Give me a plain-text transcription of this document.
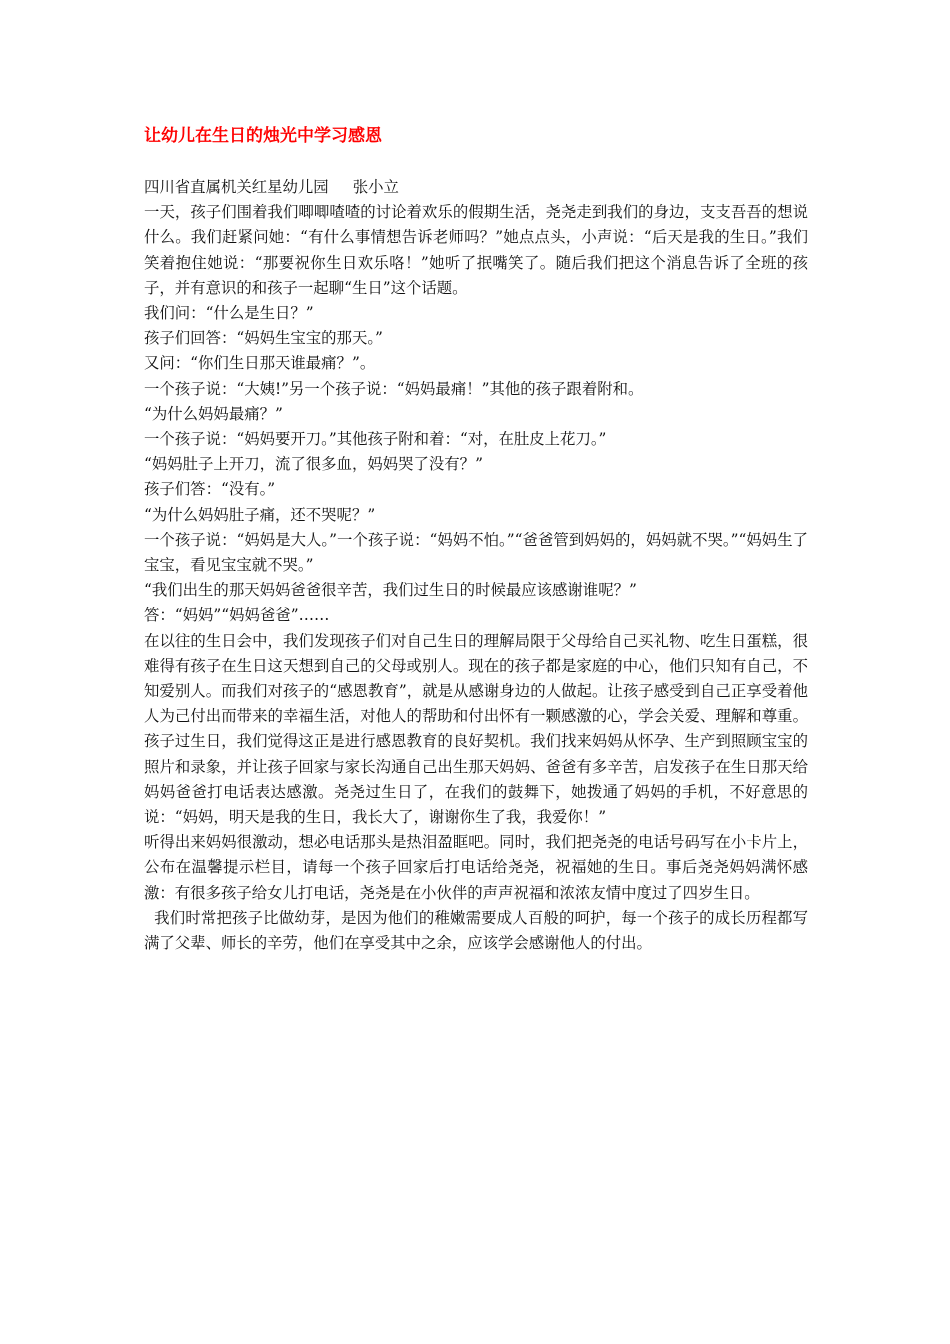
让幼儿在生日的烛光中学习感恩

四川省直属机关红星幼儿园 张小立

一天，孩子们围着我们唧唧喳喳的讨论着欢乐的假期生活，尧尧走到我们的身边，支支吾吾的想说什么。我们赶紧问她：“有什么事情想告诉老师吗？”她点点头，小声说：“后天是我的生日。”我们笑着抱住她说：“那要祝你生日欢乐咯！”她听了抿嘴笑了。随后我们把这个消息告诉了全班的孩子，并有意识的和孩子一起聊“生日”这个话题。

我们问：“什么是生日？”

孩子们回答：“妈妈生宝宝的那天。”

又问：“你们生日那天谁最痛？”。

一个孩子说：“大姨!”另一个孩子说：“妈妈最痛！”其他的孩子跟着附和。

“为什么妈妈最痛？”

一个孩子说：“妈妈要开刀。”其他孩子附和着：“对，在肚皮上花刀。”

“妈妈肚子上开刀，流了很多血，妈妈哭了没有？”

孩子们答：“没有。”

“为什么妈妈肚子痛，还不哭呢？”

一个孩子说：“妈妈是大人。”一个孩子说：“妈妈不怕。”“爸爸管到妈妈的，妈妈就不哭。”“妈妈生了宝宝，看见宝宝就不哭。”

“我们出生的那天妈妈爸爸很辛苦，我们过生日的时候最应该感谢谁呢？”

答：“妈妈”“妈妈爸爸”……

在以往的生日会中，我们发现孩子们对自己生日的理解局限于父母给自己买礼物、吃生日蛋糕，很难得有孩子在生日这天想到自己的父母或别人。现在的孩子都是家庭的中心，他们只知有自己，不知爱别人。而我们对孩子的“感恩教育”，就是从感谢身边的人做起。让孩子感受到自己正享受着他人为己付出而带来的幸福生活，对他人的帮助和付出怀有一颗感激的心，学会关爱、理解和尊重。孩子过生日，我们觉得这正是进行感恩教育的良好契机。我们找来妈妈从怀孕、生产到照顾宝宝的照片和录象，并让孩子回家与家长沟通自己出生那天妈妈、爸爸有多辛苦，启发孩子在生日那天给妈妈爸爸打电话表达感激。尧尧过生日了，在我们的鼓舞下，她拨通了妈妈的手机，不好意思的说：“妈妈，明天是我的生日，我长大了，谢谢你生了我，我爱你！”

听得出来妈妈很激动，想必电话那头是热泪盈眶吧。同时，我们把尧尧的电话号码写在小卡片上，公布在温馨提示栏目，请每一个孩子回家后打电话给尧尧，祝福她的生日。事后尧尧妈妈满怀感激：有很多孩子给女儿打电话，尧尧是在小伙伴的声声祝福和浓浓友情中度过了四岁生日。

我们时常把孩子比做幼芽，是因为他们的稚嫩需要成人百般的呵护，每一个孩子的成长历程都写满了父辈、师长的辛劳，他们在享受其中之余，应该学会感谢他人的付出。
